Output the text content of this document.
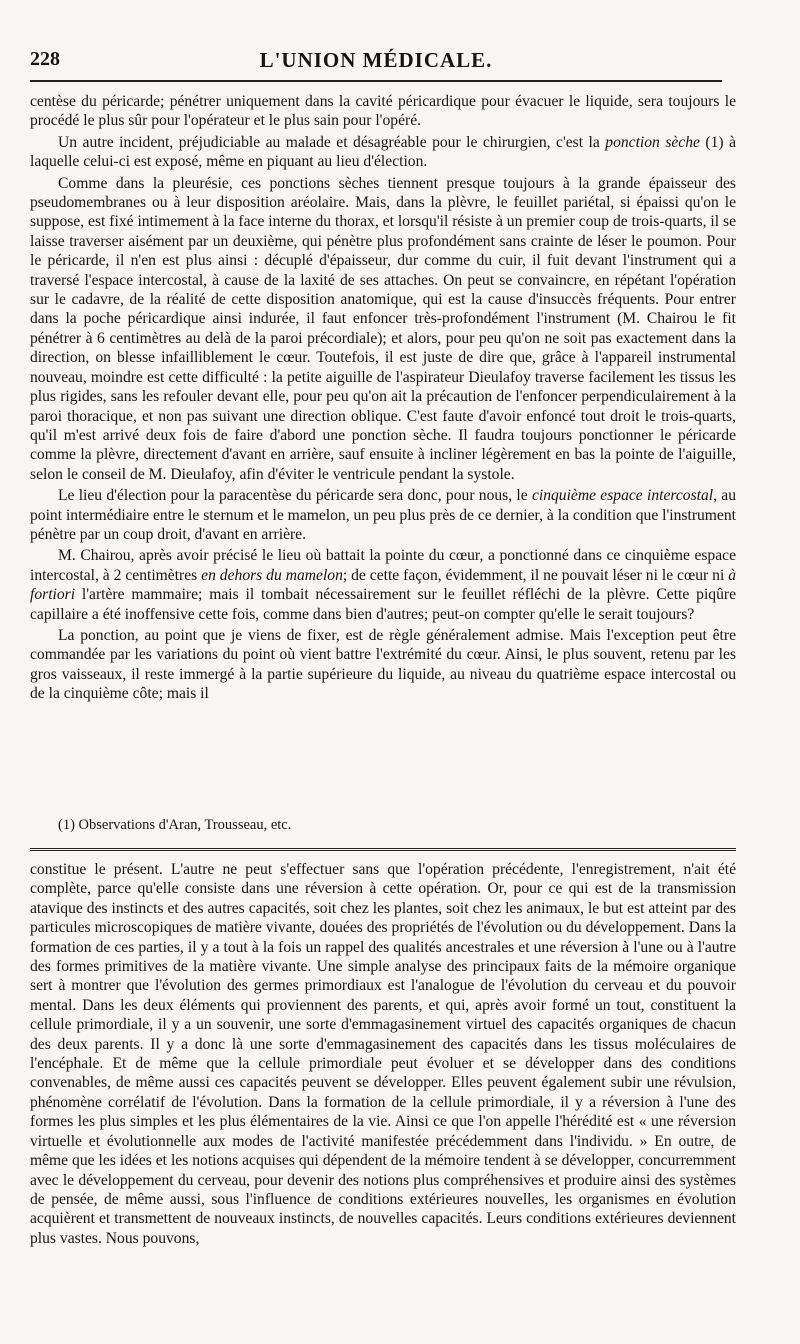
228	L'UNION MÉDICALE.

centèse du péricarde; pénétrer uniquement dans la cavité péricardique pour évacuer le liquide, sera toujours le procédé le plus sûr pour l'opérateur et le plus sain pour l'opéré.

Un autre incident, préjudiciable au malade et désagréable pour le chirurgien, c'est la ponction sèche (1) à laquelle celui-ci est exposé, même en piquant au lieu d'élection.

Comme dans la pleurésie, ces ponctions sèches tiennent presque toujours à la grande épaisseur des pseudomembranes ou à leur disposition aréolaire. Mais, dans la plèvre, le feuillet pariétal, si épaissi qu'on le suppose, est fixé intimement à la face interne du thorax, et lorsqu'il résiste à un premier coup de trois-quarts, il se laisse traverser aisément par un deuxième, qui pénètre plus profondément sans crainte de léser le poumon. Pour le péricarde, il n'en est plus ainsi : décuplé d'épaisseur, dur comme du cuir, il fuit devant l'instrument qui a traversé l'espace intercostal, à cause de la laxité de ses attaches. On peut se convaincre, en répétant l'opération sur le cadavre, de la réalité de cette disposition anatomique, qui est la cause d'insuccès fréquents. Pour entrer dans la poche péricardique ainsi indurée, il faut enfoncer très-profondément l'instrument (M. Chairou le fit pénétrer à 6 centimètres au delà de la paroi précordiale); et alors, pour peu qu'on ne soit pas exactement dans la direction, on blesse infailliblement le cœur. Toutefois, il est juste de dire que, grâce à l'appareil instrumental nouveau, moindre est cette difficulté : la petite aiguille de l'aspirateur Dieulafoy traverse facilement les tissus les plus rigides, sans les refouler devant elle, pour peu qu'on ait la précaution de l'enfoncer perpendiculairement à la paroi thoracique, et non pas suivant une direction oblique. C'est faute d'avoir enfoncé tout droit le trois-quarts, qu'il m'est arrivé deux fois de faire d'abord une ponction sèche. Il faudra toujours ponctionner le péricarde comme la plèvre, directement d'avant en arrière, sauf ensuite à incliner légèrement en bas la pointe de l'aiguille, selon le conseil de M. Dieulafoy, afin d'éviter le ventricule pendant la systole.

Le lieu d'élection pour la paracentèse du péricarde sera donc, pour nous, le cinquième espace intercostal, au point intermédiaire entre le sternum et le mamelon, un peu plus près de ce dernier, à la condition que l'instrument pénètre par un coup droit, d'avant en arrière.

M. Chairou, après avoir précisé le lieu où battait la pointe du cœur, a ponctionné dans ce cinquième espace intercostal, à 2 centimètres en dehors du mamelon; de cette façon, évidemment, il ne pouvait léser ni le cœur ni à fortiori l'artère mammaire; mais il tombait nécessairement sur le feuillet réfléchi de la plèvre. Cette piqûre capillaire a été inoffensive cette fois, comme dans bien d'autres; peut-on compter qu'elle le serait toujours?

La ponction, au point que je viens de fixer, est de règle généralement admise. Mais l'exception peut être commandée par les variations du point où vient battre l'extrémité du cœur. Ainsi, le plus souvent, retenu par les gros vaisseaux, il reste immergé à la partie supérieure du liquide, au niveau du quatrième espace intercostal ou de la cinquième côte; mais il

(1) Observations d'Aran, Trousseau, etc.

constitue le présent. L'autre ne peut s'effectuer sans que l'opération précédente, l'enregistrement, n'ait été complète, parce qu'elle consiste dans une réversion à cette opération. Or, pour ce qui est de la transmission atavique des instincts et des autres capacités, soit chez les plantes, soit chez les animaux, le but est atteint par des particules microscopiques de matière vivante, douées des propriétés de l'évolution ou du développement. Dans la formation de ces parties, il y a tout à la fois un rappel des qualités ancestrales et une réversion à l'une ou à l'autre des formes primitives de la matière vivante. Une simple analyse des principaux faits de la mémoire organique sert à montrer que l'évolution des germes primordiaux est l'analogue de l'évolution du cerveau et du pouvoir mental. Dans les deux éléments qui proviennent des parents, et qui, après avoir formé un tout, constituent la cellule primordiale, il y a un souvenir, une sorte d'emmagasinement virtuel des capacités organiques de chacun des deux parents. Il y a donc là une sorte d'emmagasinement des capacités dans les tissus moléculaires de l'encéphale. Et de même que la cellule primordiale peut évoluer et se développer dans des conditions convenables, de même aussi ces capacités peuvent se développer. Elles peuvent également subir une révulsion, phénomène corrélatif de l'évolution. Dans la formation de la cellule primordiale, il y a réversion à l'une des formes les plus simples et les plus élémentaires de la vie. Ainsi ce que l'on appelle l'hérédité est « une réversion virtuelle et évolutionnelle aux modes de l'activité manifestée précédemment dans l'individu. » En outre, de même que les idées et les notions acquises qui dépendent de la mémoire tendent à se développer, concurremment avec le développement du cerveau, pour devenir des notions plus compréhensives et produire ainsi des systèmes de pensée, de même aussi, sous l'influence de conditions extérieures nouvelles, les organismes en évolution acquièrent et transmettent de nouveaux instincts, de nouvelles capacités. Leurs conditions extérieures deviennent plus vastes. Nous pouvons,
